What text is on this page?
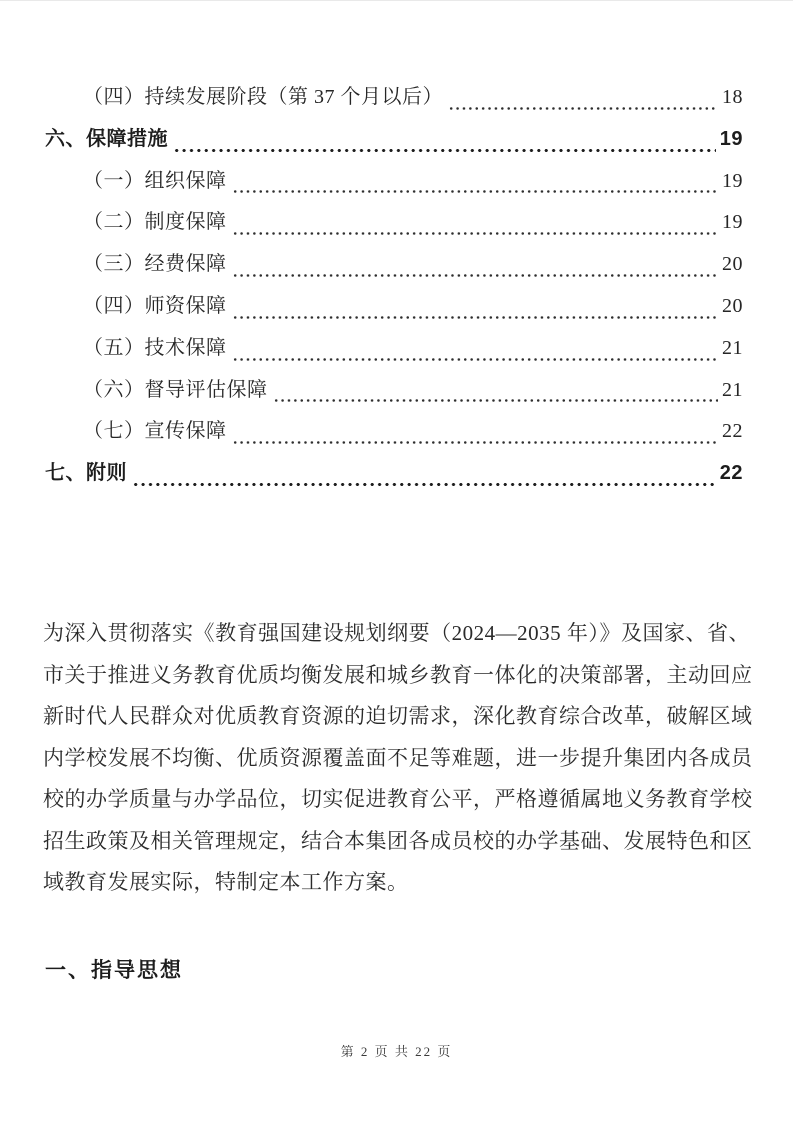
（四）持续发展阶段（第 37 个月以后）	18
六、保障措施	19
（一）组织保障	19
（二）制度保障	19
（三）经费保障	20
（四）师资保障	20
（五）技术保障	21
（六）督导评估保障	21
（七）宣传保障	22
七、附则	22
为深入贯彻落实《教育强国建设规划纲要（2024—2035 年）》及国家、省、
市关于推进义务教育优质均衡发展和城乡教育一体化的决策部署，主动回应
新时代人民群众对优质教育资源的迫切需求，深化教育综合改革，破解区域
内学校发展不均衡、优质资源覆盖面不足等难题，进一步提升集团内各成员
校的办学质量与办学品位，切实促进教育公平，严格遵循属地义务教育学校
招生政策及相关管理规定，结合本集团各成员校的办学基础、发展特色和区
域教育发展实际，特制定本工作方案。
一、指导思想
第 2 页 共 22 页
